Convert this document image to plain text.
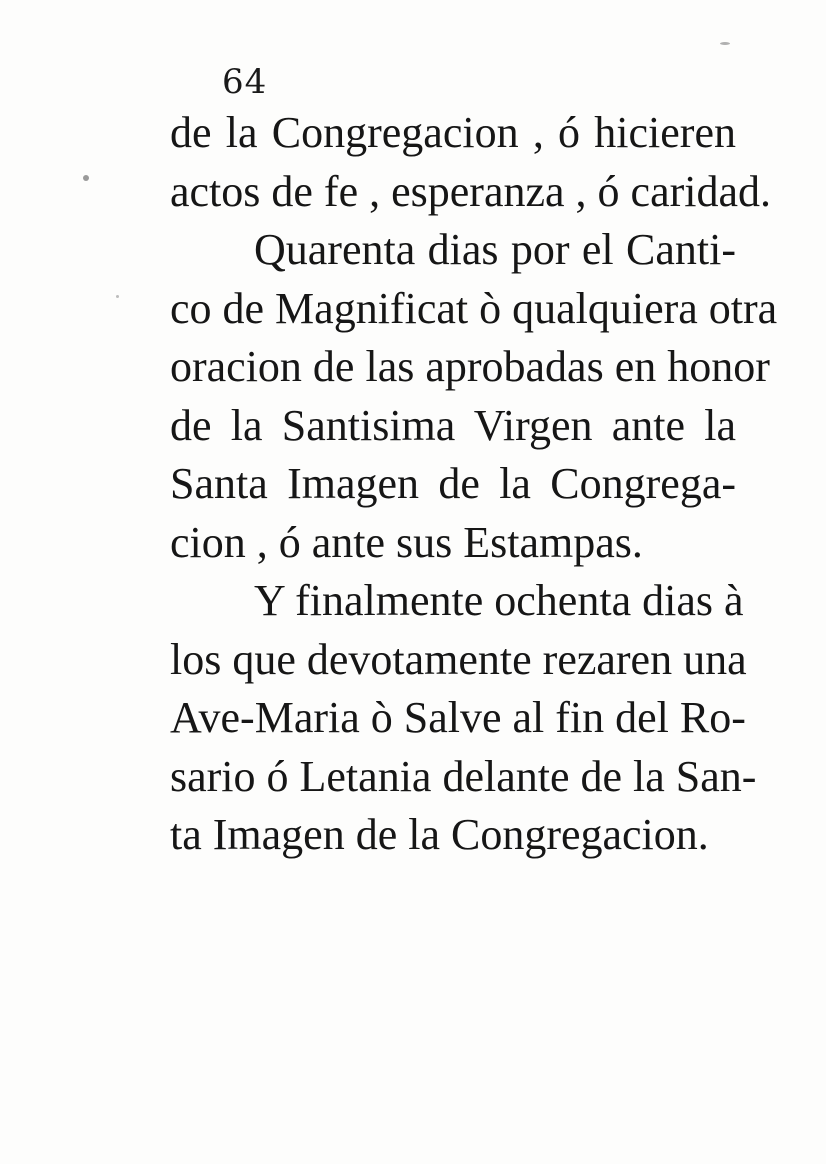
64
de la Congregacion , ó hicieren
actos de fe , esperanza , ó caridad.
Quarenta dias por el Canti-
co de Magnificat ò qualquiera otra
oracion de las aprobadas en honor
de la Santisima Virgen ante la
Santa Imagen de la Congrega-
cion , ó ante sus Estampas.
Y finalmente ochenta dias à
los que devotamente rezaren una
Ave-Maria ò Salve al fin del Ro-
sario ó Letania delante de la San-
ta Imagen de la Congregacion.
